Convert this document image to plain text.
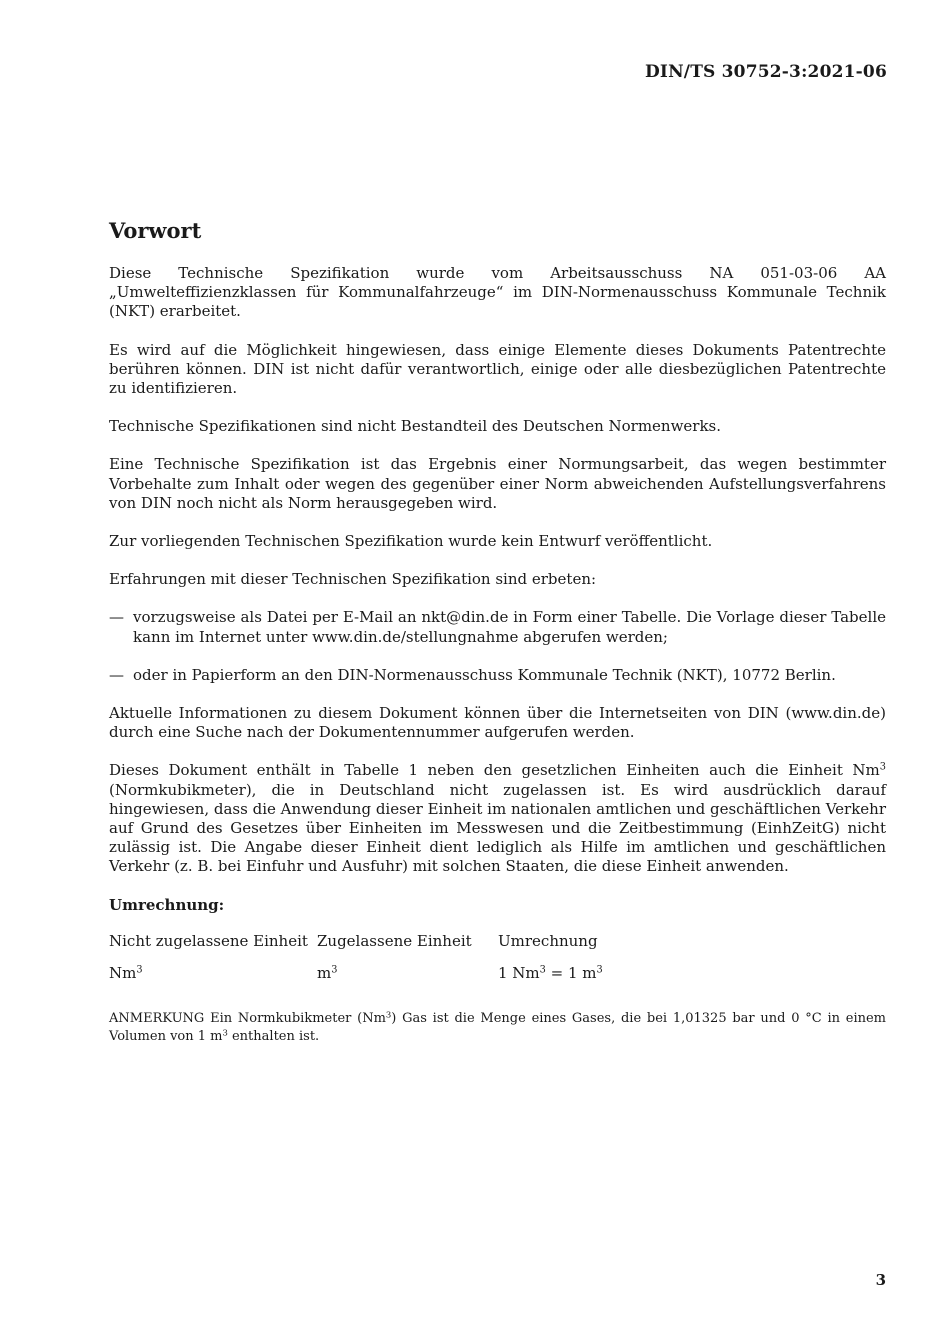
DIN/TS 30752-3:2021-06
Vorwort

Diese Technische Spezifikation wurde vom Arbeitsausschuss NA 051-03-06 AA „Umwelteffizienzklassen für Kommunalfahrzeuge“ im DIN-Normenausschuss Kommunale Technik (NKT) erarbeitet.

Es wird auf die Möglichkeit hingewiesen, dass einige Elemente dieses Dokuments Patentrechte berühren können. DIN ist nicht dafür verantwortlich, einige oder alle diesbezüglichen Patentrechte zu identifizieren.

Technische Spezifikationen sind nicht Bestandteil des Deutschen Normenwerks.

Eine Technische Spezifikation ist das Ergebnis einer Normungsarbeit, das wegen bestimmter Vorbehalte zum Inhalt oder wegen des gegenüber einer Norm abweichenden Aufstellungsverfahrens von DIN noch nicht als Norm herausgegeben wird.

Zur vorliegenden Technischen Spezifikation wurde kein Entwurf veröffentlicht.

Erfahrungen mit dieser Technischen Spezifikation sind erbeten:

— vorzugsweise als Datei per E-Mail an nkt@din.de in Form einer Tabelle. Die Vorlage dieser Tabelle kann im Internet unter www.din.de/stellungnahme abgerufen werden;
— oder in Papierform an den DIN-Normenausschuss Kommunale Technik (NKT), 10772 Berlin.

Aktuelle Informationen zu diesem Dokument können über die Internetseiten von DIN (www.din.de) durch eine Suche nach der Dokumentennummer aufgerufen werden.

Dieses Dokument enthält in Tabelle 1 neben den gesetzlichen Einheiten auch die Einheit Nm$^3$ (Normkubikmeter), die in Deutschland nicht zugelassen ist. Es wird ausdrücklich darauf hingewiesen, dass die Anwendung dieser Einheit im nationalen amtlichen und geschäftlichen Verkehr auf Grund des Gesetzes über Einheiten im Messwesen und die Zeitbestimmung (EinhZeitG) nicht zulässig ist. Die Angabe dieser Einheit dient lediglich als Hilfe im amtlichen und geschäftlichen Verkehr (z. B. bei Einfuhr und Ausfuhr) mit solchen Staaten, die diese Einheit anwenden.

Umrechnung:

Nicht zugelassene Einheit	Zugelassene Einheit	Umrechnung
Nm$^3$	$m^3$	1 $Nm^3 = 1$ $m^3$

ANMERKUNG Ein Normkubikmeter (Nm$^3$) Gas ist die Menge eines Gases, die bei 1,01325 bar und 0 °C in einem Volumen von 1 $m^3$ enthalten ist.

3
